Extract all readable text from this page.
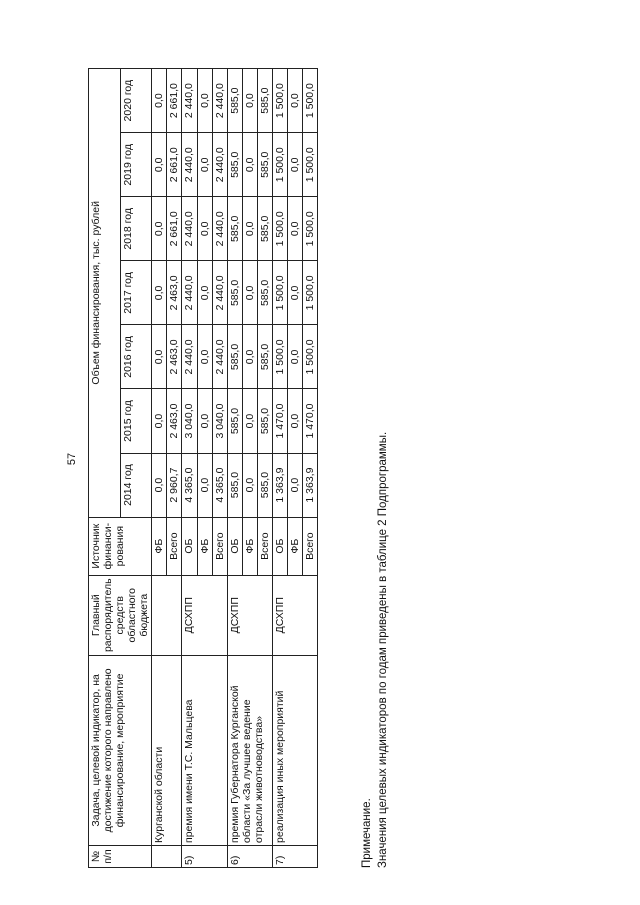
57
№ п/п	Задача, целевой индикатор, на достижение которого направлено финансирование, мероприятие	Главный распорядитель средств областного бюджета	Источник финанси-рования	Объем финансирования, тыс. рублей						
				2014 год	2015 год	2016 год	2017 год	2018 год	2019 год	2020 год
	Курганской области		ФБ	0,0	0,0	0,0	0,0	0,0	0,0	0,0
			Всего	2 960,7	2 463,0	2 463,0	2 463,0	2 661,0	2 661,0	2 661,0
5)	премия имени Т.С. Мальцева	ДСХПП	ОБ	4 365,0	3 040,0	2 440,0	2 440,0	2 440,0	2 440,0	2 440,0
			ФБ	0,0	0,0	0,0	0,0	0,0	0,0	0,0
			Всего	4 365,0	3 040,0	2 440,0	2 440,0	2 440,0	2 440,0	2 440,0
6)	премия Губернатора Курганской области «За лучшее ведение отрасли животноводства»	ДСХПП	ОБ	585,0	585,0	585,0	585,0	585,0	585,0	585,0
			ФБ	0,0	0,0	0,0	0,0	0,0	0,0	0,0
			Всего	585,0	585,0	585,0	585,0	585,0	585,0	585,0
7)	реализация иных мероприятий	ДСХПП	ОБ	1 363,9	1 470,0	1 500,0	1 500,0	1 500,0	1 500,0	1 500,0
			ФБ	0,0	0,0	0,0	0,0	0,0	0,0	0,0
			Всего	1 363,9	1 470,0	1 500,0	1 500,0	1 500,0	1 500,0	1 500,0
Примечание. Значения целевых индикаторов по годам приведены в таблице 2 Подпрограммы.
